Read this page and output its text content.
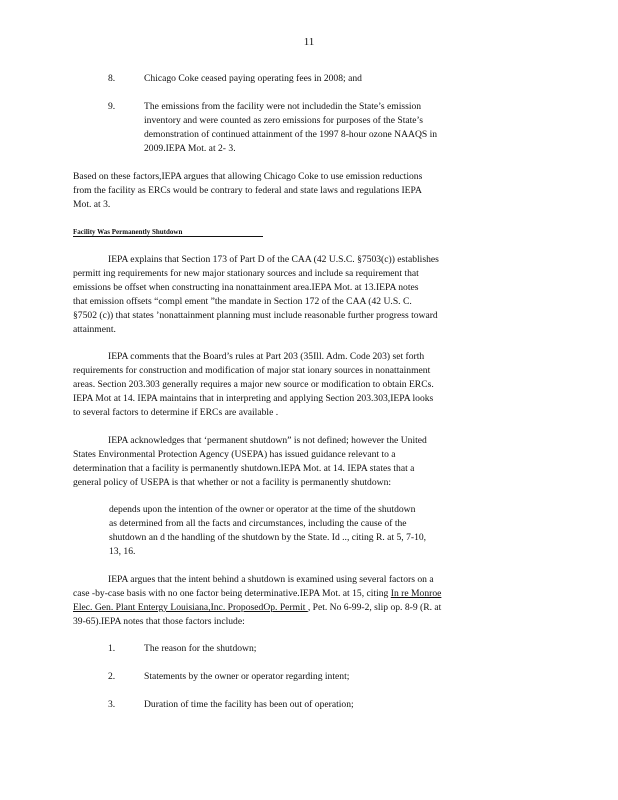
11
8.	Chicago Coke ceased paying operating fees in 2008; and
9.	The emissions from the facility were not includedin the State’s emission
inventory and were counted as zero emissions for purposes of the State’s
demonstration of continued attainment of the 1997 8-hour ozone NAAQS in
2009.IEPA Mot. at 2- 3.
Based on these factors,IEPA argues that allowing Chicago Coke to use emission reductions
from the facility as ERCs would be contrary to federal and state laws and regulations IEPA
Mot. at 3.
Facility Was Permanently Shutdown
IEPA explains that Section 173 of Part D of the CAA (42 U.S.C. §7503(c)) establishes
permitt ing requirements for new major stationary sources and include sa requirement that
emissions be offset when constructing ina nonattainment area.IEPA Mot. at 13.IEPA notes
that emission offsets “compl ement ”the mandate in Section 172 of the CAA (42 U.S. C.
§7502 (c)) that states ’nonattainment planning must include reasonable further progress toward
attainment.
IEPA comments that the Board’s rules at Part 203 (35Ill. Adm. Code 203) set forth
requirements for construction and modification of major stat ionary sources in nonattainment
areas. Section 203.303 generally requires a major new source or modification to obtain ERCs.
IEPA Mot at 14. IEPA maintains that in interpreting and applying Section 203.303,IEPA looks
to several factors to determine if ERCs are available .
IEPA acknowledges that ‘permanent shutdown” is not defined; however the United
States Environmental Protection Agency (USEPA) has issued guidance relevant to a
determination that a facility is permanently shutdown.IEPA Mot. at 14. IEPA states that a
general policy of USEPA is that whether or not a facility is permanently shutdown:
depends upon the intention of the owner or operator at the time of the shutdown
as determined from all the facts and circumstances, including the cause of the
shutdown an d the handling of the shutdown by the State. Id .., citing R. at 5, 7-10,
13, 16.
IEPA argues that the intent behind a shutdown is examined using several factors on a
case -by-case basis with no one factor being determinative.IEPA Mot. at 15, citing In re Monroe
Elec. Gen. Plant Entergy Louisiana,Inc. ProposedOp. Permit , Pet. No 6-99-2, slip op. 8-9 (R. at
39-65).IEPA notes that those factors include:
1.	The reason for the shutdown;
2.	Statements by the owner or operator regarding intent;
3.	Duration of time the facility has been out of operation;
